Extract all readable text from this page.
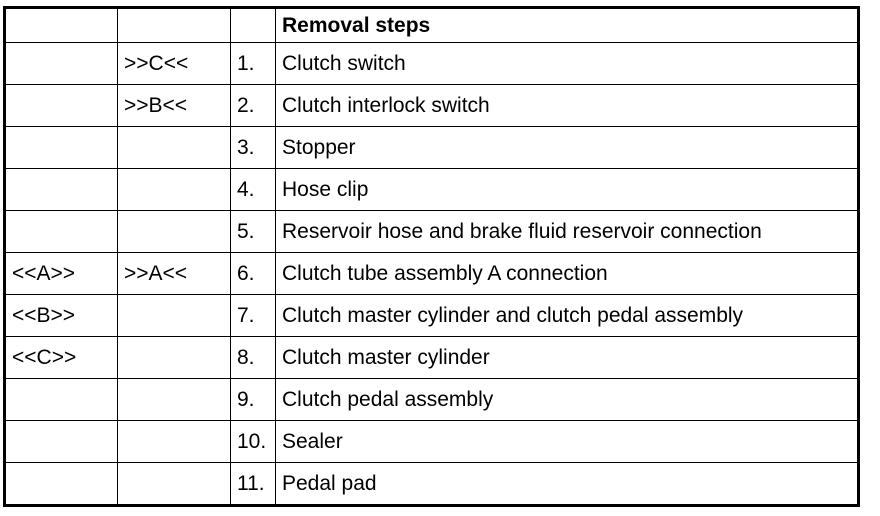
			Removal steps
	>>C<<	1.	Clutch switch
	>>B<<	2.	Clutch interlock switch
		3.	Stopper
		4.	Hose clip
		5.	Reservoir hose and brake fluid reservoir connection
<<A>>	>>A<<	6.	Clutch tube assembly A connection
<<B>>		7.	Clutch master cylinder and clutch pedal assembly
<<C>>		8.	Clutch master cylinder
		9.	Clutch pedal assembly
		10.	Sealer
		11.	Pedal pad
